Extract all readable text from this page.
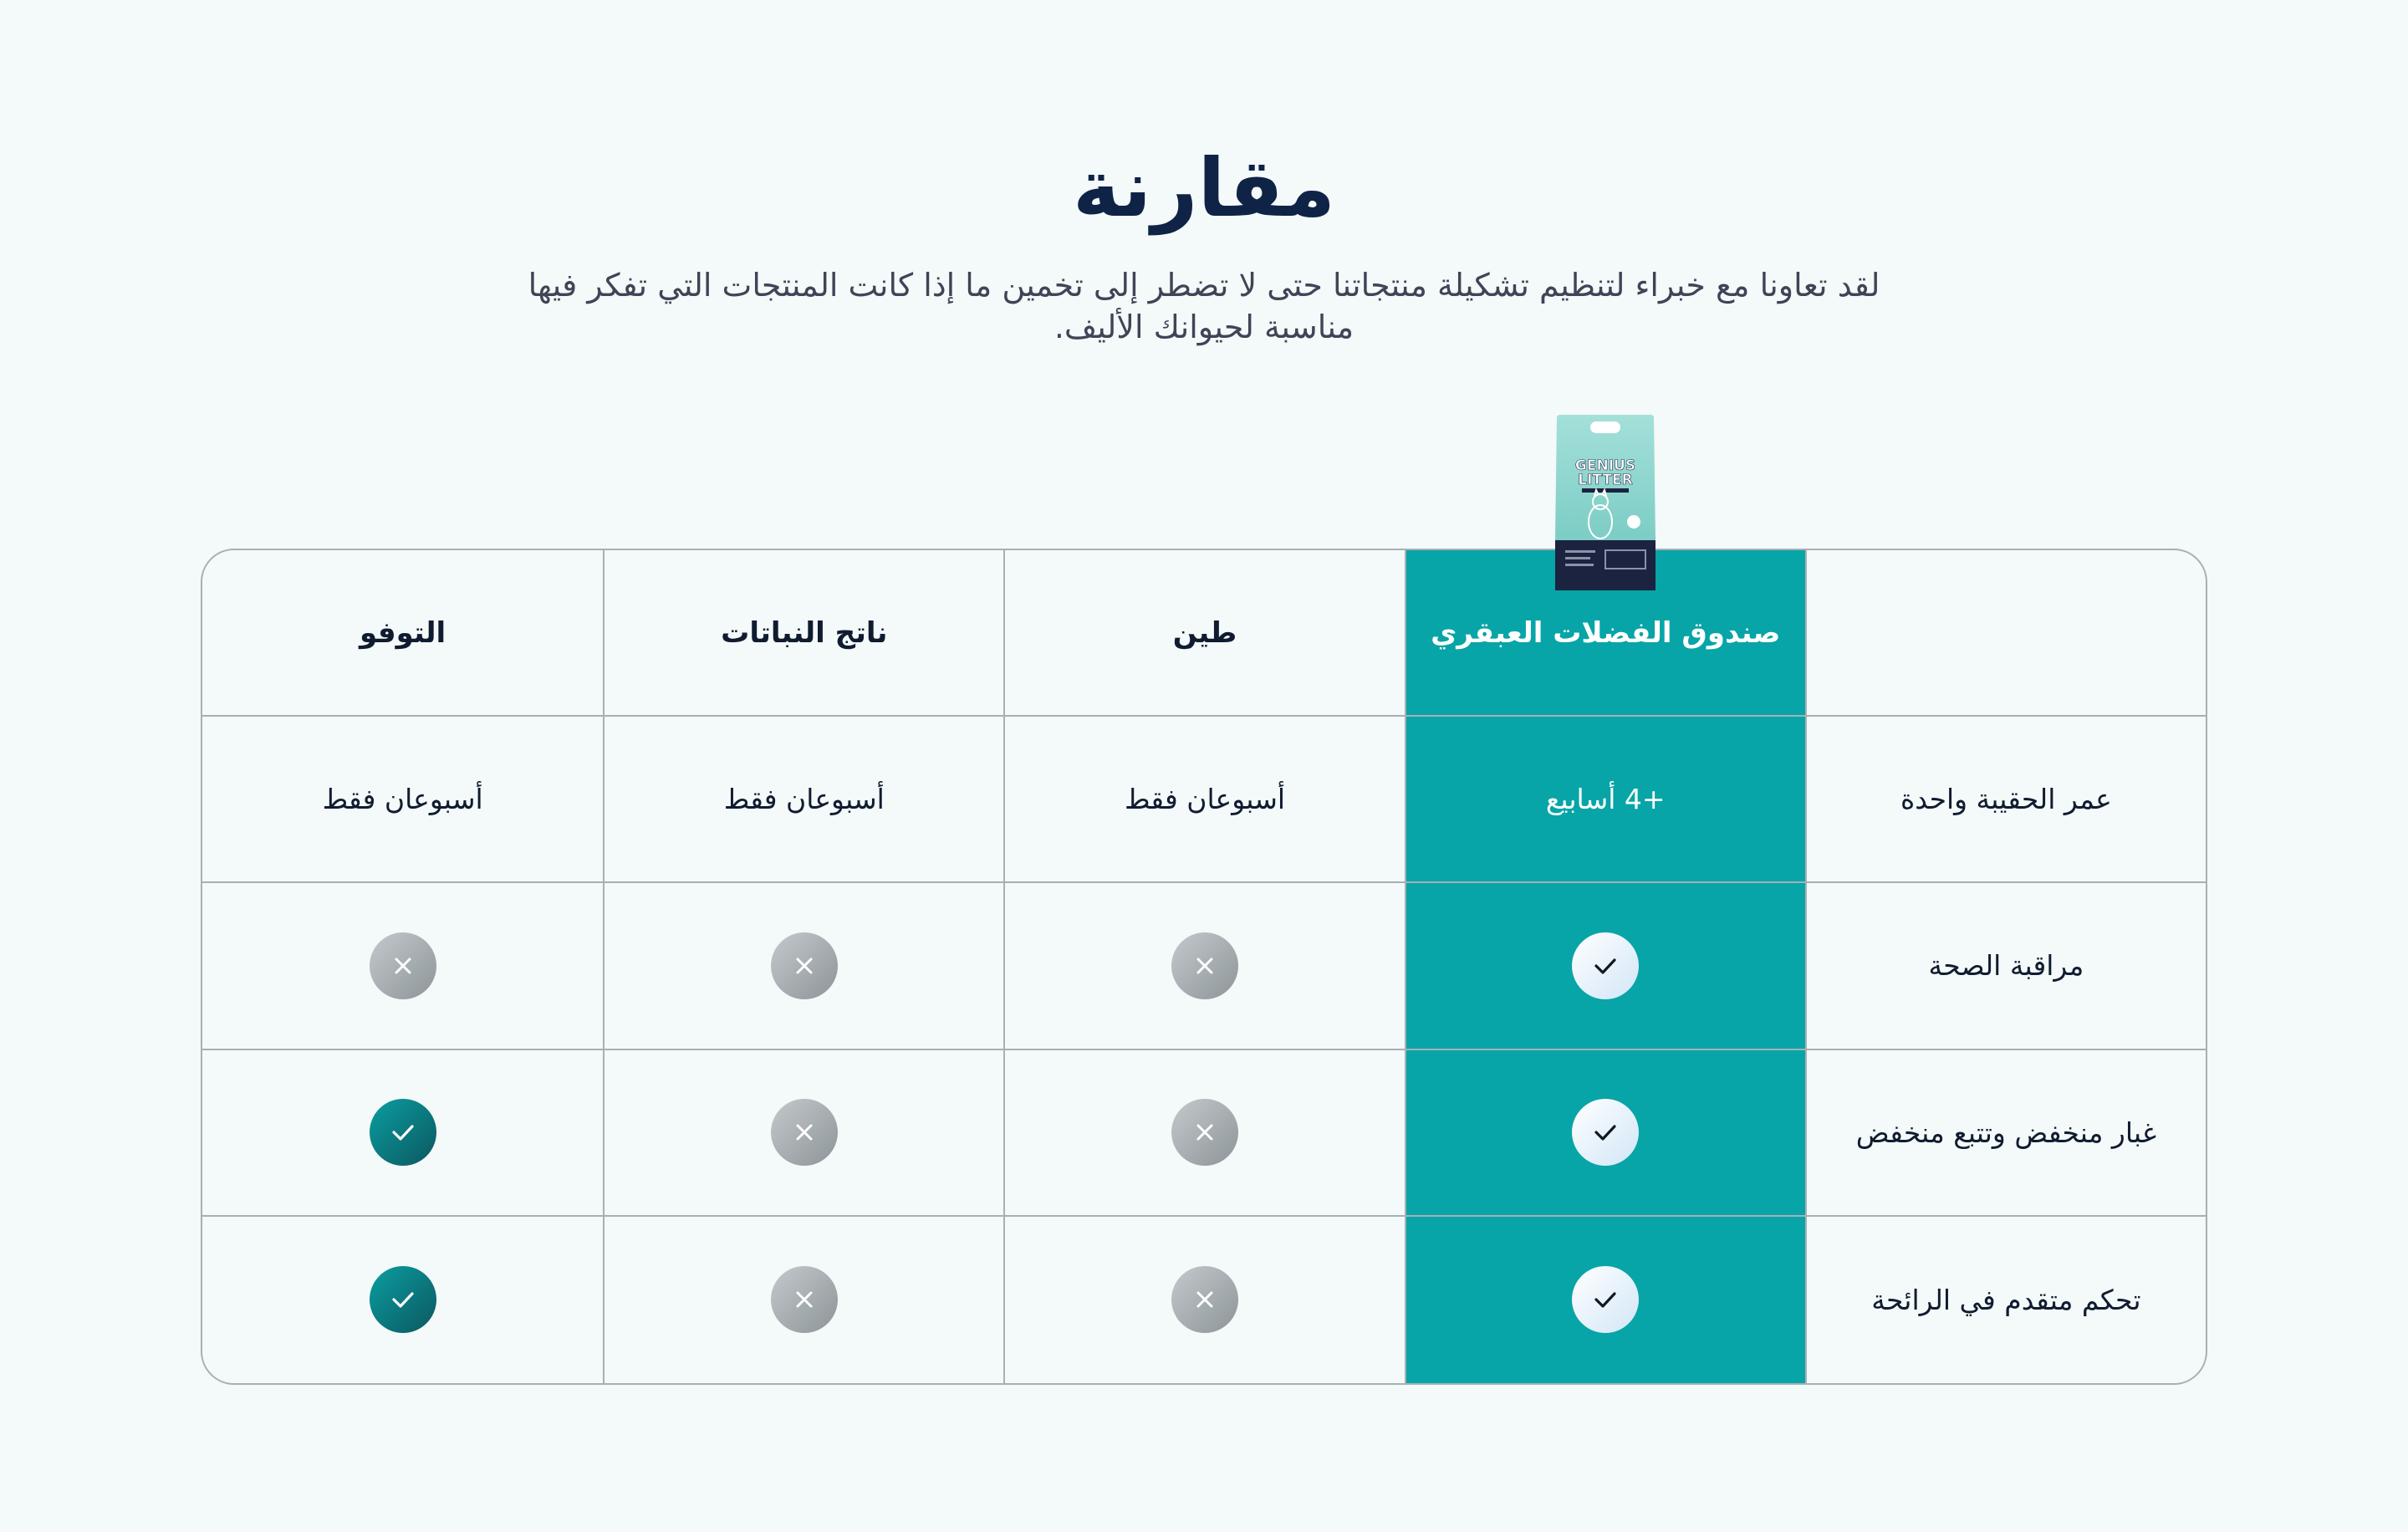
مقارنة
لقد تعاونا مع خبراء لتنظيم تشكيلة منتجاتنا حتى لا تضطر إلى تخمين ما إذا كانت المنتجات التي تفكر فيها مناسبة لحيوانك الأليف.
صندوق الفضلات العبقري
طين
ناتج النباتات
التوفو
عمر الحقيبة واحدة
+4 أسابيع
أسبوعان فقط
أسبوعان فقط
أسبوعان فقط
مراقبة الصحة
غبار منخفض وتتبع منخفض
تحكم متقدم في الرائحة
GENIUS
LITTER
